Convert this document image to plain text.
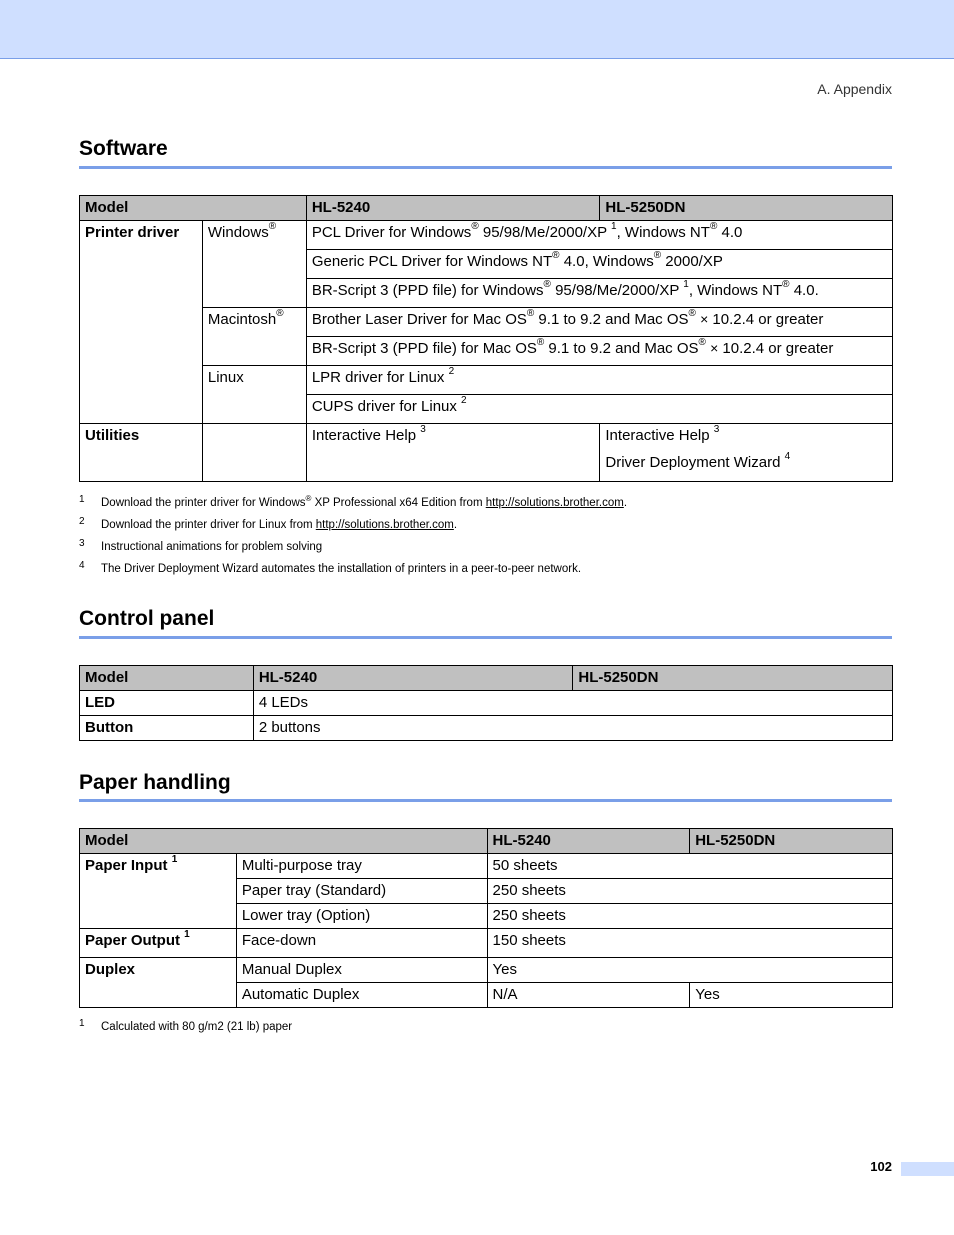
A. Appendix
Software
Model		HL-5240	HL-5250DN
Printer driver	Windows®	PCL Driver for Windows® 95/98/Me/2000/XP $^1$, Windows NT® 4.0	
		Generic PCL Driver for Windows NT® 4.0, Windows® 2000/XP	
		BR-Script 3 (PPD file) for Windows® 95/98/Me/2000/XP $^1$, Windows NT® 4.0.	
	Macintosh®	Brother Laser Driver for Mac OS® 9.1 to 9.2 and Mac OS® × 10.2.4 or greater	
		BR-Script 3 (PPD file) for Mac OS® 9.1 to 9.2 and Mac OS® × 10.2.4 or greater	
	Linux	LPR driver for Linux $^2$
		CUPS driver for Linux $^2$
Utilities		Interactive Help $^3$	Interactive Help $^3$
Driver Deployment Wizard $^4$
1 Download the printer driver for Windows® XP Professional x64 Edition from http://solutions.brother.com.
2 Download the printer driver for Linux from http://solutions.brother.com.
3 Instructional animations for problem solving
4 The Driver Deployment Wizard automates the installation of printers in a peer-to-peer network.
Control panel
Model	HL-5240	HL-5250DN
LED	4 LEDs	
Button	2 buttons	
Paper handling
Model		HL-5240	HL-5250DN
Paper Input $^1$	Multi-purpose tray	50 sheets	
	Paper tray (Standard)	250 sheets	
	Lower tray (Option)	250 sheets	
Paper Output $^1$	Face-down	150 sheets	
Duplex	Manual Duplex	Yes	
	Automatic Duplex	N/A	Yes
1 Calculated with 80 g/m2 (21 lb) paper
102
